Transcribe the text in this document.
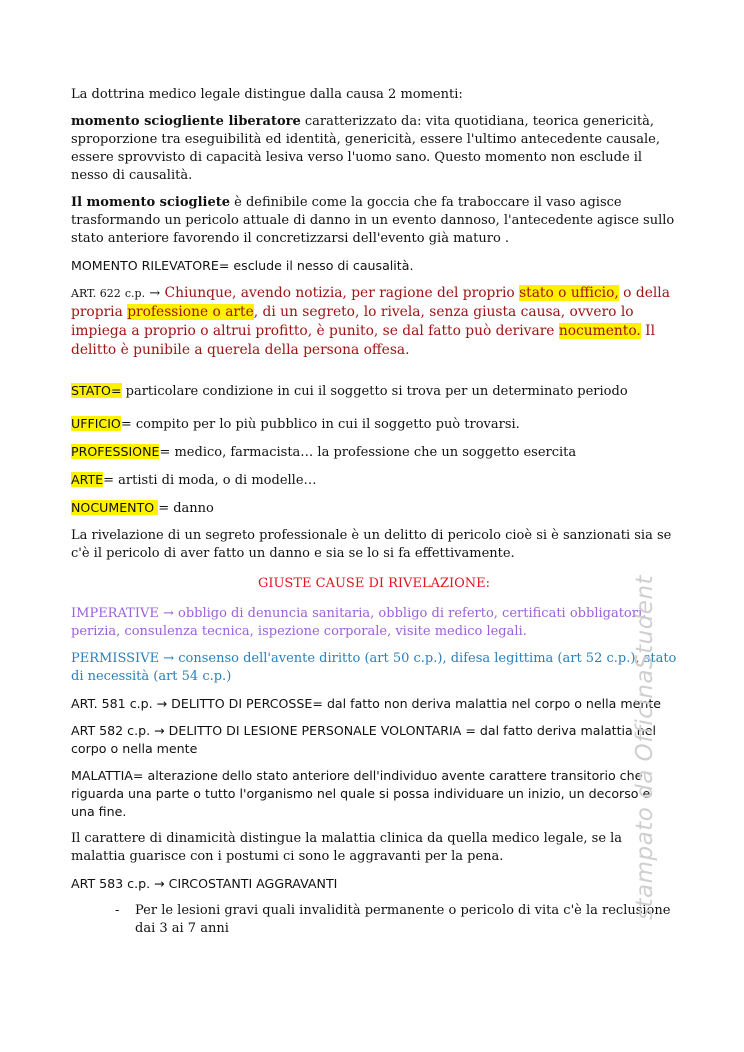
La dottrina medico legale distingue dalla causa 2 momenti:

momento sciogliente liberatore caratterizzato da: vita quotidiana, teorica genericità, sproporzione tra eseguibilità ed identità, genericità, essere l'ultimo antecedente causale, essere sprovvisto di capacità lesiva verso l'uomo sano. Questo momento non esclude il nesso di causalità.

Il momento sciogliete è definibile come la goccia che fa traboccare il vaso agisce trasformando un pericolo attuale di danno in un evento dannoso, l'antecedente agisce sullo stato anteriore favorendo il concretizzarsi dell'evento già maturo .

MOMENTO RILEVATORE= esclude il nesso di causalità.

ART. 622 c.p. → Chiunque, avendo notizia, per ragione del proprio stato o ufficio, o della propria professione o arte, di un segreto, lo rivela, senza giusta causa, ovvero lo impiega a proprio o altrui profitto, è punito, se dal fatto può derivare nocumento. Il delitto è punibile a querela della persona offesa.

STATO= particolare condizione in cui il soggetto si trova per un determinato periodo

UFFICIO= compito per lo più pubblico in cui il soggetto può trovarsi.

PROFESSIONE= medico, farmacista… la professione che un soggetto esercita

ARTE= artisti di moda, o di modelle…

NOCUMENTO = danno

La rivelazione di un segreto professionale è un delitto di pericolo cioè si è sanzionati sia se c'è il pericolo di aver fatto un danno e sia se lo si fa effettivamente.

GIUSTE CAUSE DI RIVELAZIONE:

IMPERATIVE → obbligo di denuncia sanitaria, obbligo di referto, certificati obbligatori, perizia, consulenza tecnica, ispezione corporale, visite medico legali.

PERMISSIVE → consenso dell'avente diritto (art 50 c.p.), difesa legittima (art 52 c.p.), stato di necessità (art 54 c.p.)

ART. 581 c.p. → DELITTO DI PERCOSSE= dal fatto non deriva malattia nel corpo o nella mente

ART 582 c.p. → DELITTO DI LESIONE PERSONALE VOLONTARIA = dal fatto deriva malattia nel corpo o nella mente

MALATTIA= alterazione dello stato anteriore dell'individuo avente carattere transitorio che riguarda una parte o tutto l'organismo nel quale si possa individuare un inizio, un decorso e una fine.

Il carattere di dinamicità distingue la malattia clinica da quella medico legale, se la malattia guarisce con i postumi ci sono le aggravanti per la pena.

ART 583 c.p. → CIRCOSTANTI AGGRAVANTI

- Per le lesioni gravi quali invalidità permanente o pericolo di vita c'è la reclusione dai 3 ai 7 anni

stampato da OfficinaStudent
